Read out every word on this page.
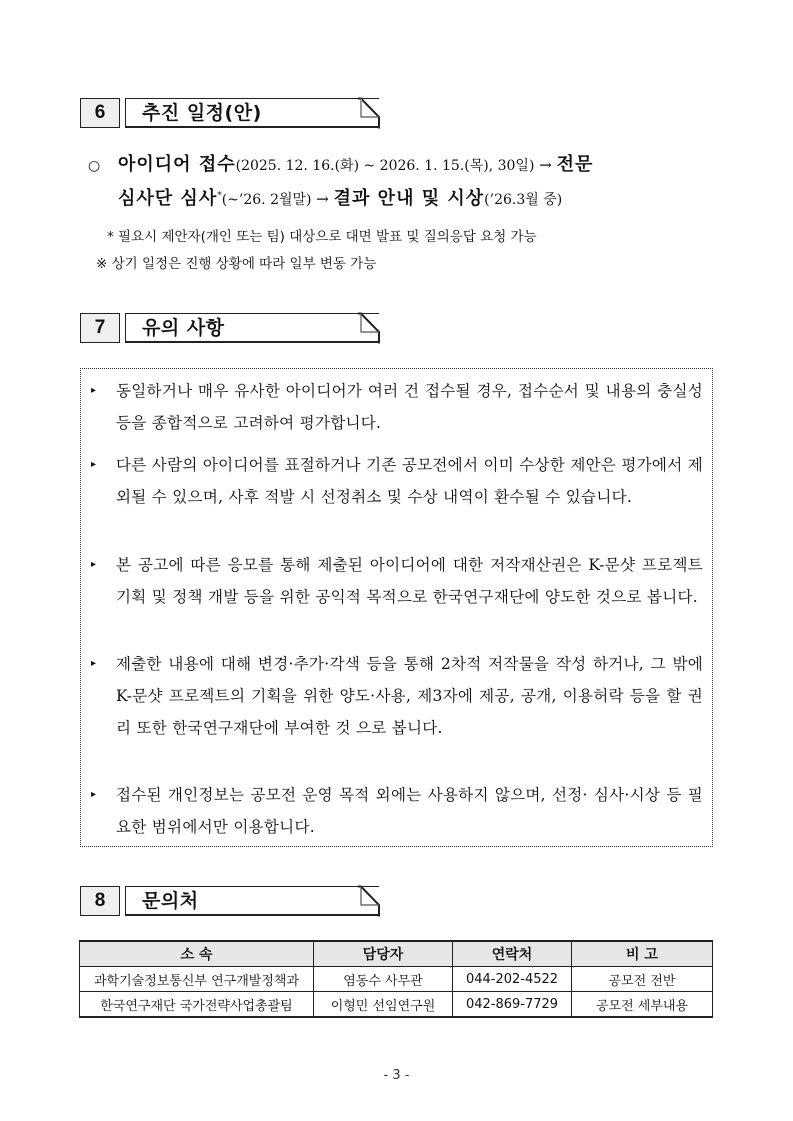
6	추진 일정(안)
○ 아이디어 접수(2025. 12. 16.(화) ~ 2026. 1. 15.(목), 30일) → 전문
심사단 심사*(~’26. 2월말) → 결과 안내 및 시상(’26.3월 중)
* 필요시 제안자(개인 또는 팀) 대상으로 대면 발표 및 질의응답 요청 가능
※ 상기 일정은 진행 상황에 따라 일부 변동 가능
7	유의 사항
▸ 동일하거나 매우 유사한 아이디어가 여러 건 접수될 경우, 접수순서 및 내용의 충실성 등을 종합적으로 고려하여 평가합니다.
▸ 다른 사람의 아이디어를 표절하거나 기존 공모전에서 이미 수상한 제안은 평가에서 제외될 수 있으며, 사후 적발 시 선정취소 및 수상 내역이 환수될 수 있습니다.
▸ 본 공고에 따른 응모를 통해 제출된 아이디어에 대한 저작재산권은 K-문샷 프로젝트 기획 및 정책 개발 등을 위한 공익적 목적으로 한국연구재단에 양도한 것으로 봅니다.
▸ 제출한 내용에 대해 변경·추가·각색 등을 통해 2차적 저작물을 작성 하거나, 그 밖에 K-문샷 프로젝트의 기획을 위한 양도·사용, 제3자에 제공, 공개, 이용허락 등을 할 권리 또한 한국연구재단에 부여한 것 으로 봅니다.
▸ 접수된 개인정보는 공모전 운영 목적 외에는 사용하지 않으며, 선정· 심사·시상 등 필요한 범위에서만 이용합니다.
8	문의처
소 속	담당자	연락처	비 고
과학기술정보통신부 연구개발정책과	염동수 사무관	044-202-4522	공모전 전반
한국연구재단 국가전략사업총괄팀	이형민 선임연구원	042-869-7729	공모전 세부내용
- 3 -
